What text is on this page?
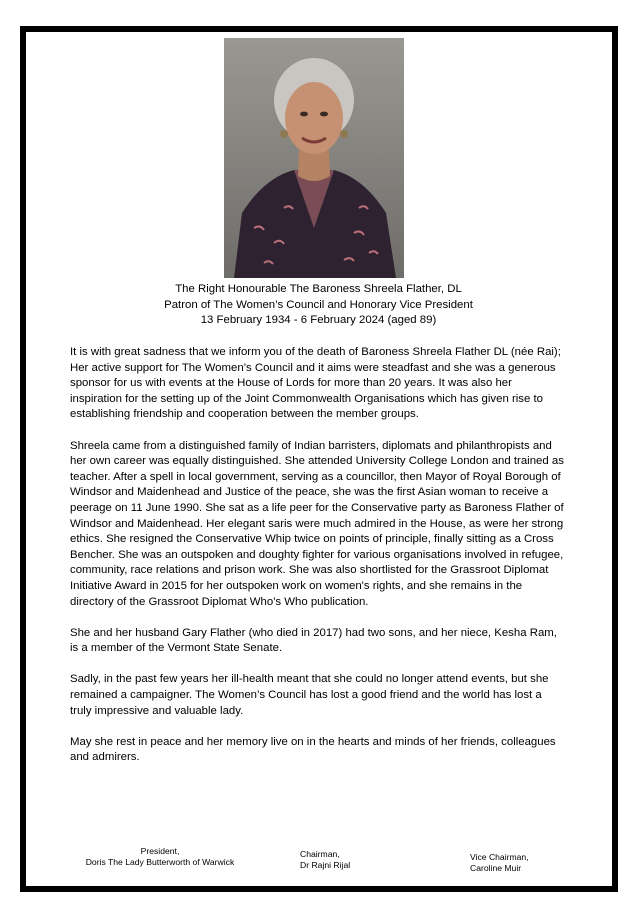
The Right Honourable The Baroness Shreela Flather, DL
Patron of The Women’s Council and Honorary Vice President
13 February 1934 - 6 February 2024 (aged 89)

It is with great sadness that we inform you of the death of Baroness Shreela Flather DL (née Rai); Her active support for The Women’s Council and it aims were steadfast and she was a generous sponsor for us with events at the House of Lords for more than 20 years. It was also her inspiration for the setting up of the Joint Commonwealth Organisations which has given rise to establishing friendship and cooperation between the member groups.

Shreela came from a distinguished family of Indian barristers, diplomats and philanthropists and her own career was equally distinguished. She attended University College London and trained as teacher. After a spell in local government, serving as a councillor, then Mayor of Royal Borough of Windsor and Maidenhead and Justice of the peace, she was the first Asian woman to receive a peerage on 11 June 1990. She sat as a life peer for the Conservative party as Baroness Flather of Windsor and Maidenhead. Her elegant saris were much admired in the House, as were her strong ethics. She resigned the Conservative Whip twice on points of principle, finally sitting as a Cross Bencher. She was an outspoken and doughty fighter for various organisations involved in refugee, community, race relations and prison work. She was also shortlisted for the Grassroot Diplomat Initiative Award in 2015 for her outspoken work on women's rights, and she remains in the directory of the Grassroot Diplomat Who's Who publication.

She and her husband Gary Flather (who died in 2017) had two sons, and her niece, Kesha Ram, is a member of the Vermont State Senate.

Sadly, in the past few years her ill-health meant that she could no longer attend events, but she remained a campaigner. The Women’s Council has lost a good friend and the world has lost a truly impressive and valuable lady.

May she rest in peace and her memory live on in the hearts and minds of her friends, colleagues and admirers.

President,
Doris The Lady Butterworth of Warwick
Chairman,
Dr Rajni Rijal
Vice Chairman,
Caroline Muir
